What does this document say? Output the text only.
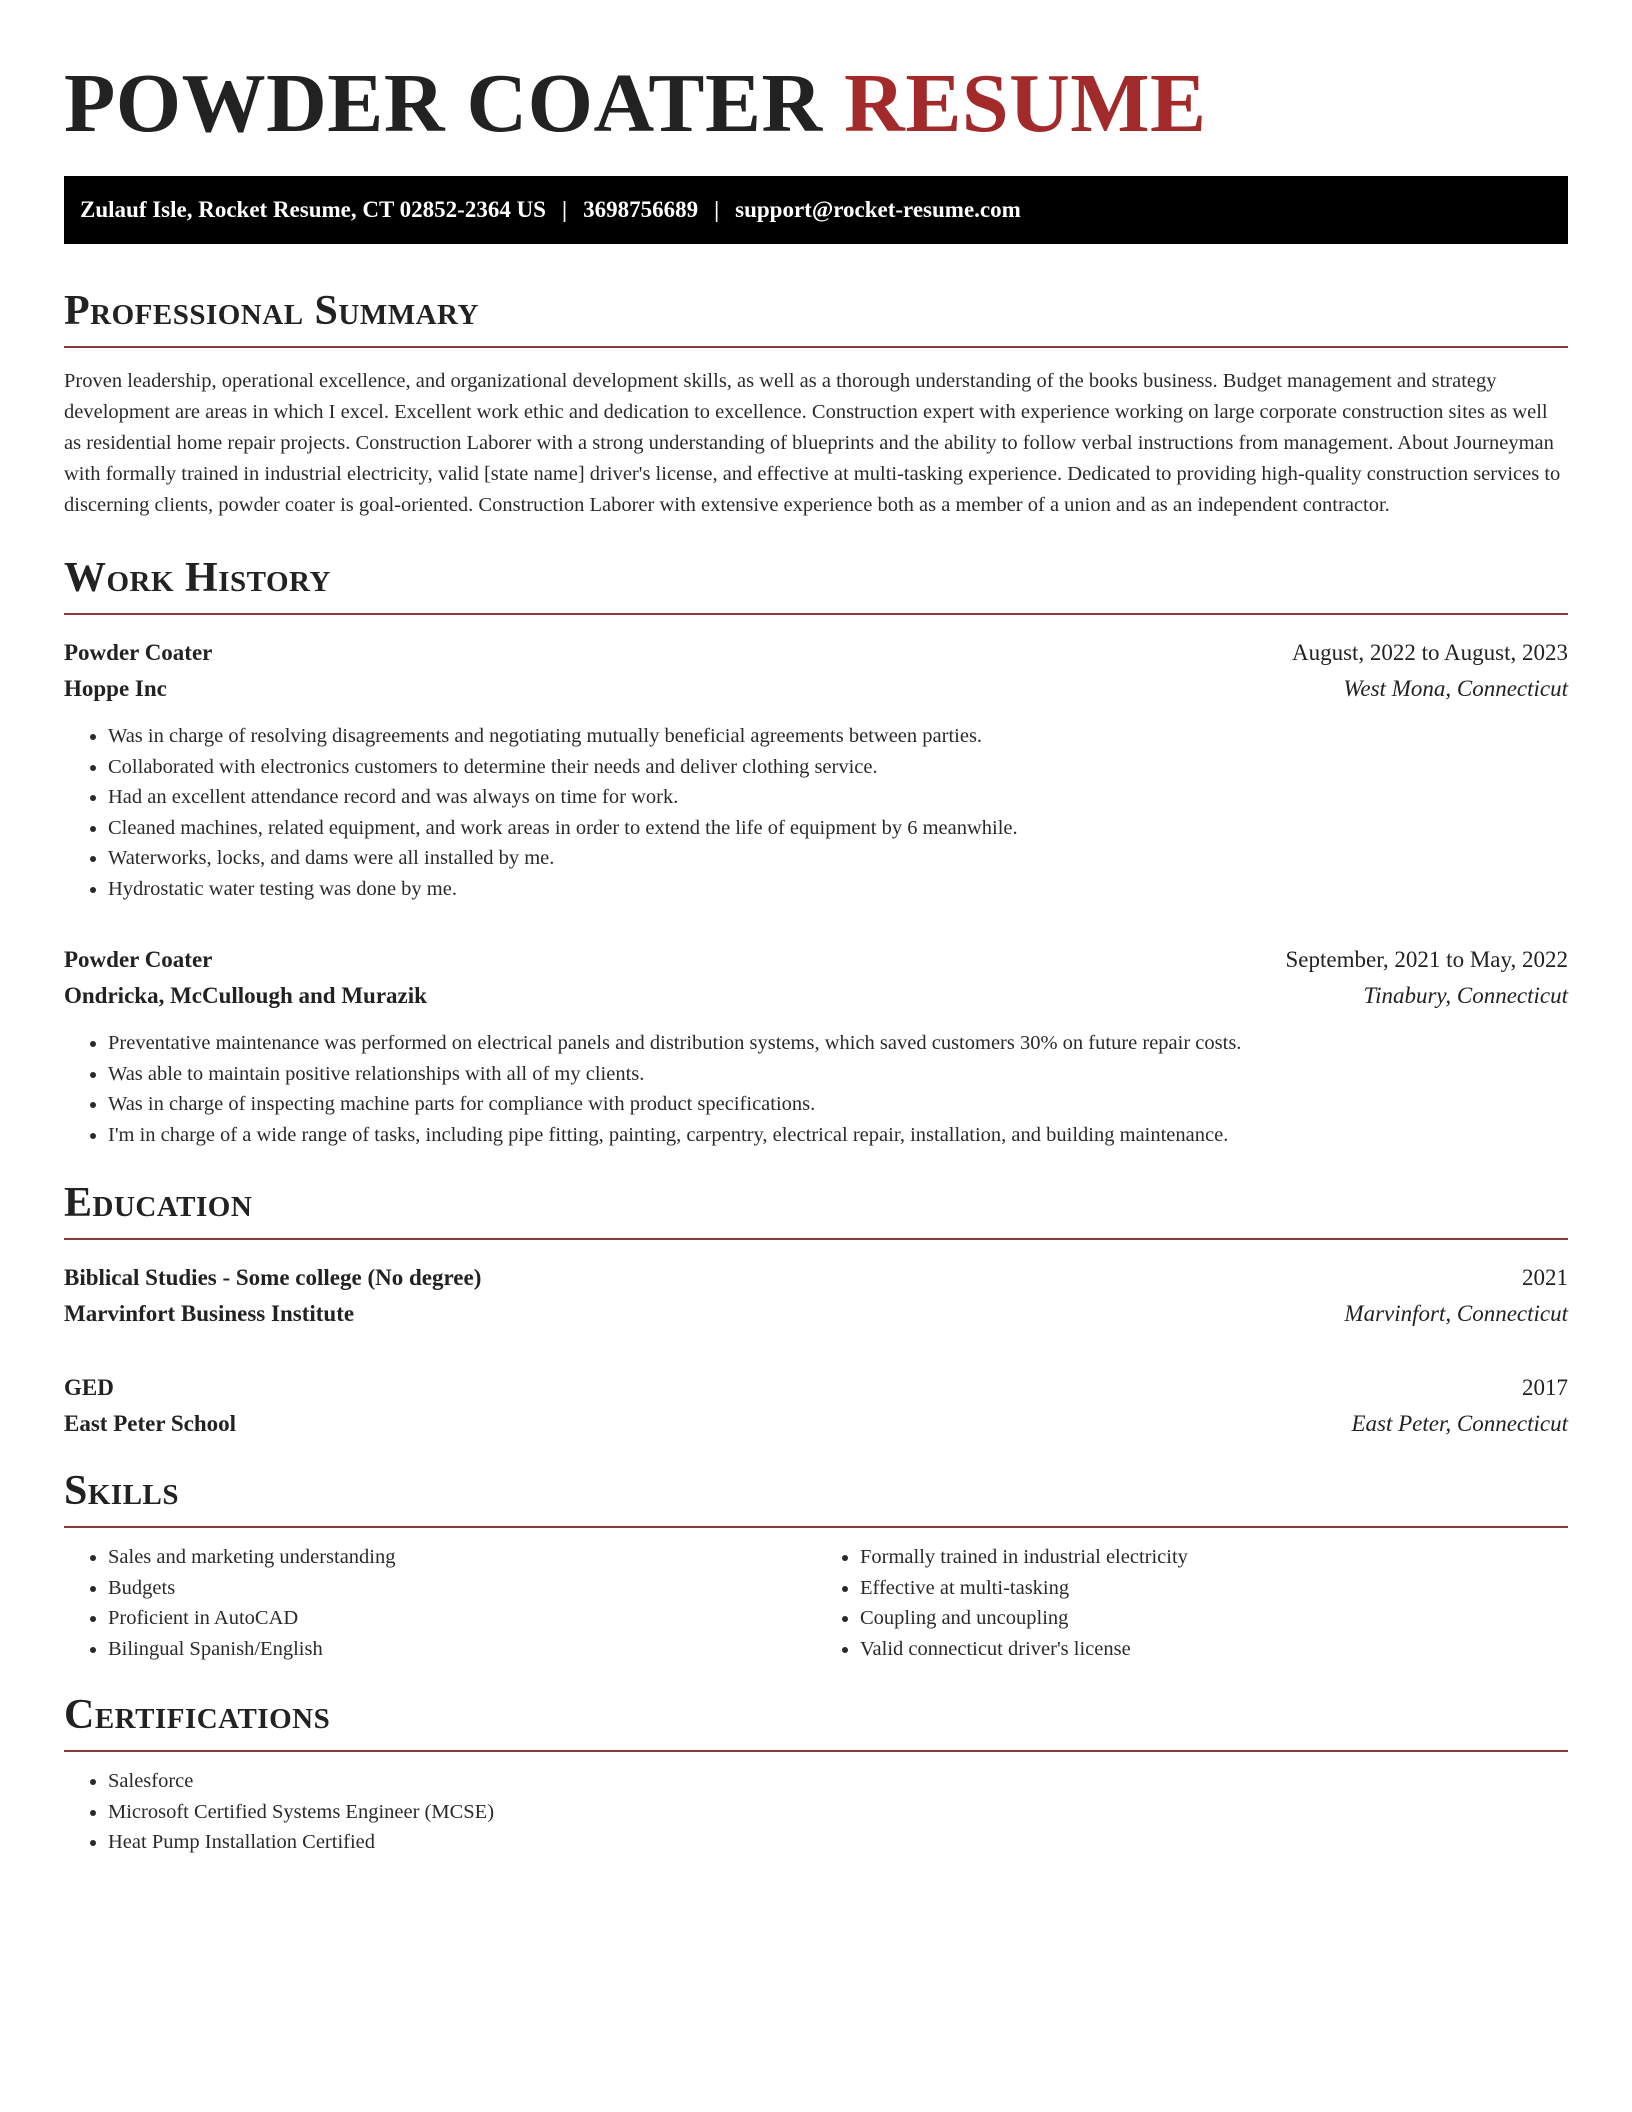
POWDER COATER RESUME
Zulauf Isle, Rocket Resume, CT 02852-2364 US | 3698756689 | support@rocket-resume.com
Professional Summary

Proven leadership, operational excellence, and organizational development skills, as well as a thorough understanding of the books business. Budget management and strategy development are areas in which I excel. Excellent work ethic and dedication to excellence. Construction expert with experience working on large corporate construction sites as well as residential home repair projects. Construction Laborer with a strong understanding of blueprints and the ability to follow verbal instructions from management. About Journeyman with formally trained in industrial electricity, valid [state name] driver's license, and effective at multi-tasking experience. Dedicated to providing high-quality construction services to discerning clients, powder coater is goal-oriented. Construction Laborer with extensive experience both as a member of a union and as an independent contractor.

Work History
Powder Coater	August, 2022 to August, 2023
Hoppe Inc	West Mona, Connecticut
• Was in charge of resolving disagreements and negotiating mutually beneficial agreements between parties.
• Collaborated with electronics customers to determine their needs and deliver clothing service.
• Had an excellent attendance record and was always on time for work.
• Cleaned machines, related equipment, and work areas in order to extend the life of equipment by 6 meanwhile.
• Waterworks, locks, and dams were all installed by me.
• Hydrostatic water testing was done by me.
Powder Coater	September, 2021 to May, 2022
Ondricka, McCullough and Murazik	Tinabury, Connecticut
• Preventative maintenance was performed on electrical panels and distribution systems, which saved customers 30% on future repair costs.
• Was able to maintain positive relationships with all of my clients.
• Was in charge of inspecting machine parts for compliance with product specifications.
• I'm in charge of a wide range of tasks, including pipe fitting, painting, carpentry, electrical repair, installation, and building maintenance.
Education
Biblical Studies - Some college (No degree)	2021
Marvinfort Business Institute	Marvinfort, Connecticut
GED	2017
East Peter School	East Peter, Connecticut
Skills
• Sales and marketing understanding
• Budgets
• Proficient in AutoCAD
• Bilingual Spanish/English
• Formally trained in industrial electricity
• Effective at multi-tasking
• Coupling and uncoupling
• Valid connecticut driver's license
Certifications
• Salesforce
• Microsoft Certified Systems Engineer (MCSE)
• Heat Pump Installation Certified
